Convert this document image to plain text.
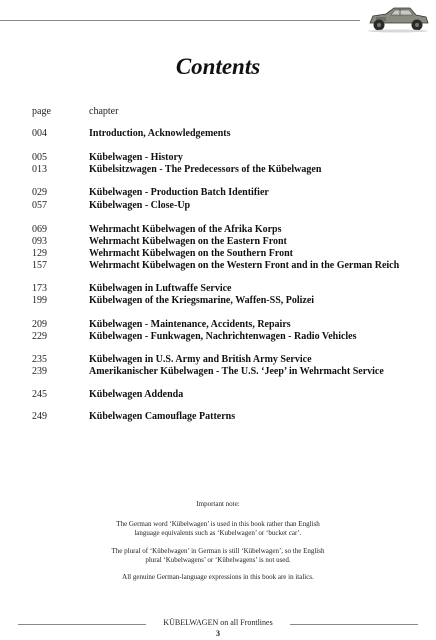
Contents
page	chapter
004	Introduction, Acknowledgements
005	Kübelwagen - History
013	Kübelsitzwagen - The Predecessors of the Kübelwagen
029	Kübelwagen - Production Batch Identifier
057	Kübelwagen - Close-Up
069	Wehrmacht Kübelwagen of the Afrika Korps
093	Wehrmacht Kübelwagen on the Eastern Front
129	Wehrmacht Kübelwagen on the Southern Front
157	Wehrmacht Kübelwagen on the Western Front and in the German Reich
173	Kübelwagen in Luftwaffe Service
199	Kübelwagen of the Kriegsmarine, Waffen-SS, Polizei
209	Kübelwagen - Maintenance, Accidents, Repairs
229	Kübelwagen - Funkwagen, Nachrichtenwagen - Radio Vehicles
235	Kübelwagen in U.S. Army and British Army Service
239	Amerikanischer Kübelwagen - The U.S. ‘Jeep’ in Wehrmacht Service
245	Kübelwagen Addenda
249	Kübelwagen Camouflage Patterns
Important note:
The German word ‘Kübelwagen’ is used in this book rather than English
language equivalents such as ‘Kubelwagen’ or ‘bucket car’.
The plural of ‘Kübelwagen’ in German is still ‘Kübelwagen’, so the English
plural ‘Kubelwagens’ or ‘Kübelwagens’ is not used.
All genuine German-language expressions in this book are in italics.
KÜBELWAGEN on all Frontlines
3
